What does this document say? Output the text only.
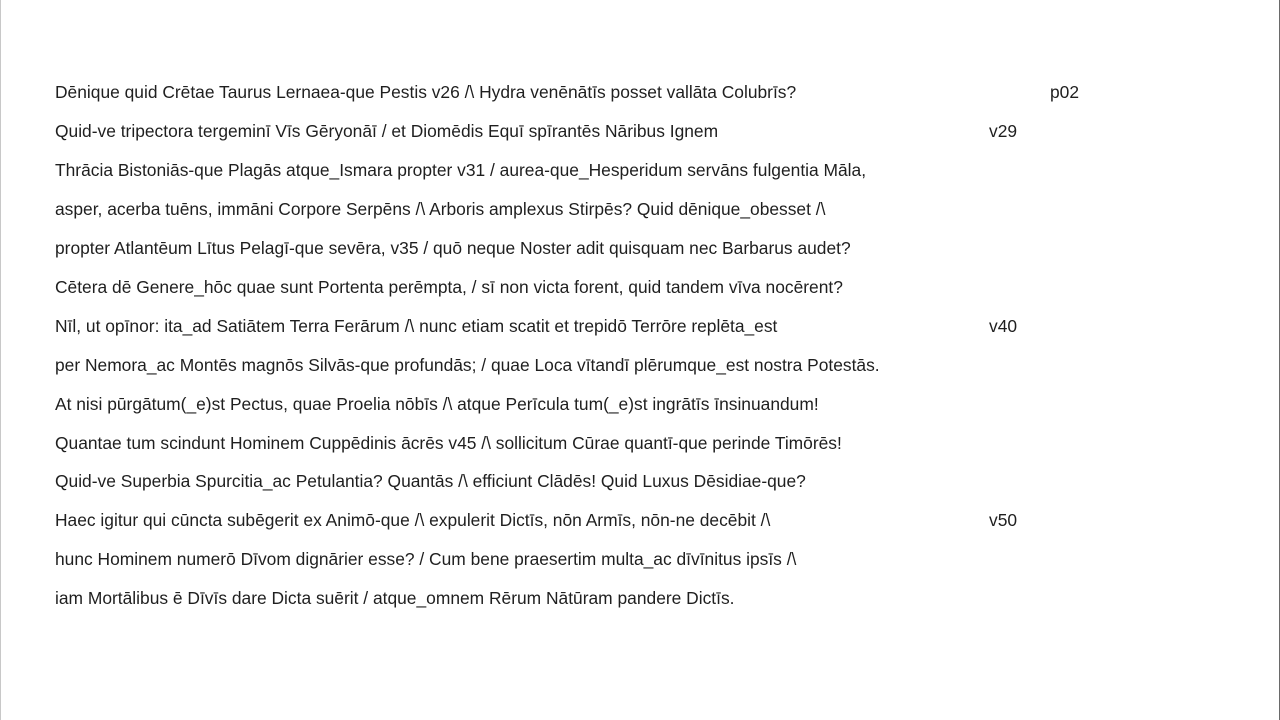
Dēnique quid Crētae Taurus Lernaea-que Pestis v26 /\ Hydra venēnātīs posset vallāta Colubrīs?	p02
Quid-ve tripectora tergeminī Vīs Gēryonāī / et Diomēdis Equī spīrantēs Nāribus Ignem	v29
Thrācia Bistoniās-que Plagās atque_Ismara propter v31 / aurea-que_Hesperidum servāns fulgentia Māla,
asper, acerba tuēns, immāni Corpore Serpēns /\ Arboris amplexus Stirpēs? Quid dēnique_obesset /\
propter Atlantēum Lītus Pelagī-que sevēra, v35 / quō neque Noster adit quisquam nec Barbarus audet?
Cētera dē Genere_hōc quae sunt Portenta perēmpta, / sī non victa forent, quid tandem vīva nocērent?
Nīl, ut opīnor: ita_ad Satiātem Terra Ferārum /\ nunc etiam scatit et trepidō Terrōre replēta_est	v40
per Nemora_ac Montēs magnōs Silvās-que profundās; / quae Loca vītandī plērumque_est nostra Potestās.
At nisi pūrgātum(_e)st Pectus, quae Proelia nōbīs /\ atque Perīcula tum(_e)st ingrātīs īnsinuandum!
Quantae tum scindunt Hominem Cuppēdinis ācrēs v45 /\ sollicitum Cūrae quantī-que perinde Timōrēs!
Quid-ve Superbia Spurcitia_ac Petulantia? Quantās /\ efficiunt Clādēs! Quid Luxus Dēsidiae-que?
Haec igitur qui cūncta subēgerit ex Animō-que /\ expulerit Dictīs, nōn Armīs, nōn-ne decēbit /\	v50
hunc Hominem numerō Dīvom dignārier esse? / Cum bene praesertim multa_ac dīvīnitus ipsīs /\
iam Mortālibus ē Dīvīs dare Dicta suērit / atque_omnem Rērum Nātūram pandere Dictīs.
